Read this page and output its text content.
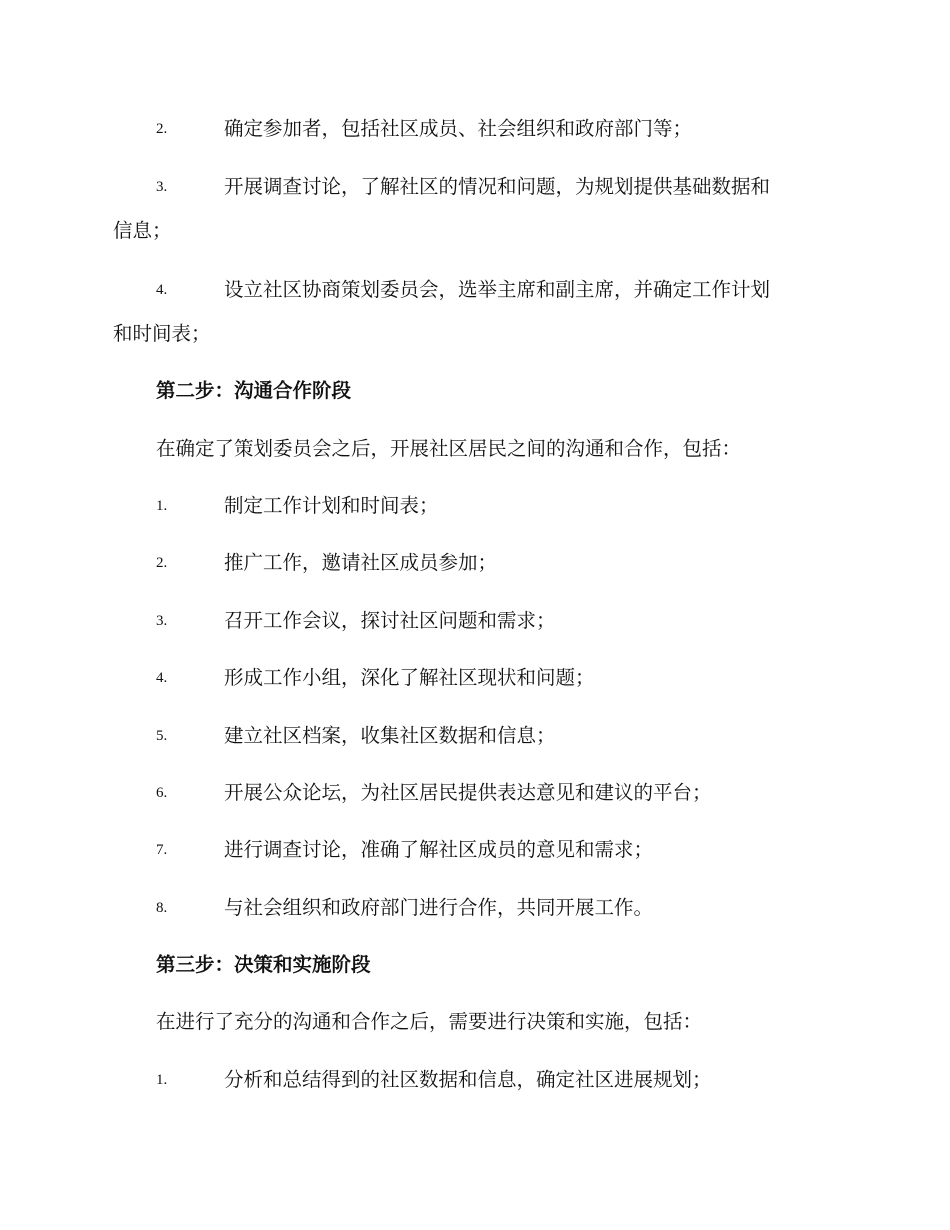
2.	确定参加者，包括社区成员、社会组织和政府部门等；
3.	开展调查讨论，了解社区的情况和问题，为规划提供基础数据和
信息；
4.	设立社区协商策划委员会，选举主席和副主席，并确定工作计划
和时间表；
第二步：沟通合作阶段
在确定了策划委员会之后，开展社区居民之间的沟通和合作，包括：
1.	制定工作计划和时间表；
2.	推广工作，邀请社区成员参加；
3.	召开工作会议，探讨社区问题和需求；
4.	形成工作小组，深化了解社区现状和问题；
5.	建立社区档案，收集社区数据和信息；
6.	开展公众论坛，为社区居民提供表达意见和建议的平台；
7.	进行调查讨论，准确了解社区成员的意见和需求；
8.	与社会组织和政府部门进行合作，共同开展工作。
第三步：决策和实施阶段
在进行了充分的沟通和合作之后，需要进行决策和实施，包括：
1.	分析和总结得到的社区数据和信息，确定社区进展规划；
